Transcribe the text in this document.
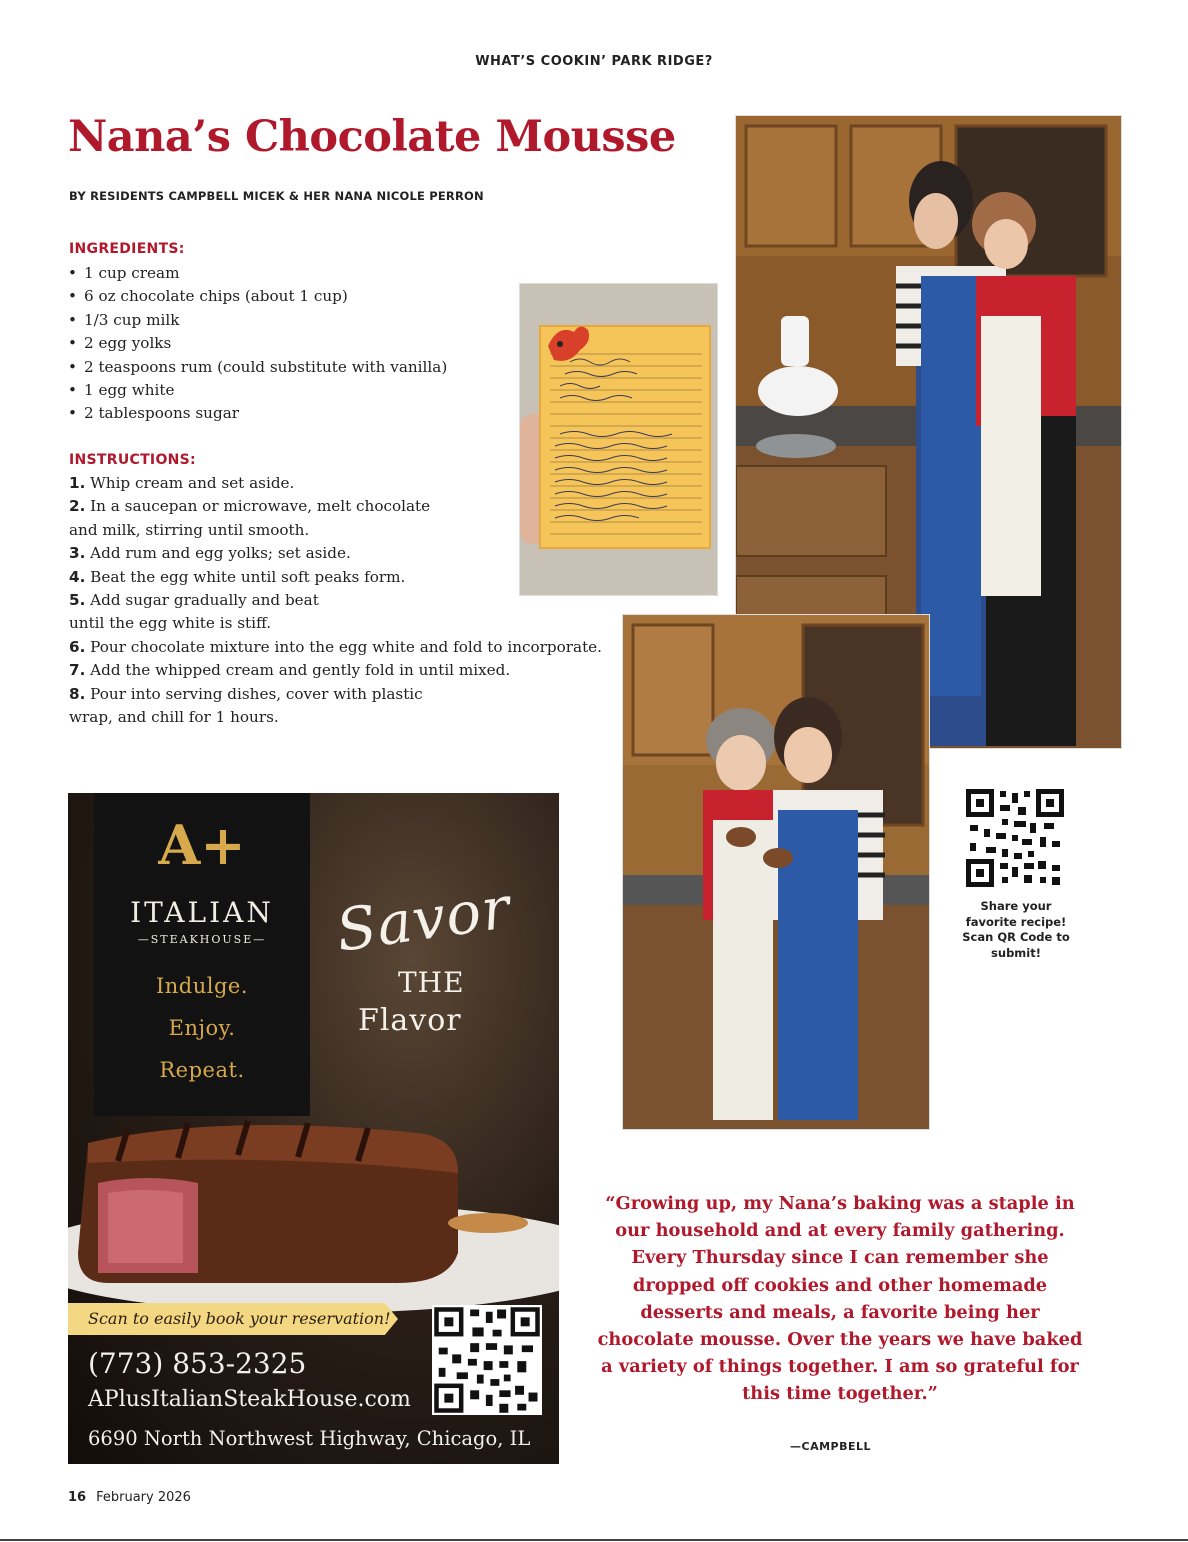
WHAT’S COOKIN’ PARK RIDGE?
Nana’s Chocolate Mousse
BY RESIDENTS CAMPBELL MICEK & HER NANA NICOLE PERRON
INGREDIENTS:
• 1 cup cream
• 6 oz chocolate chips (about 1 cup)
• 1/3 cup milk
• 2 egg yolks
• 2 teaspoons rum (could substitute with vanilla)
• 1 egg white
• 2 tablespoons sugar
INSTRUCTIONS:
1. Whip cream and set aside.
2. In a saucepan or microwave, melt chocolate
and milk, stirring until smooth.
3. Add rum and egg yolks; set aside.
4. Beat the egg white until soft peaks form.
5. Add sugar gradually and beat
until the egg white is stiff.
6. Pour chocolate mixture into the egg white and fold to incorporate.
7. Add the whipped cream and gently fold in until mixed.
8. Pour into serving dishes, cover with plastic
wrap, and chill for 1 hours.
Share your favorite recipe! Scan QR Code to submit!
A+
ITALIAN
—STEAKHOUSE—
Indulge.
Enjoy.
Repeat.
Savor
THE
Flavor
Scan to easily book your reservation!
(773) 853-2325
APlusItalianSteakHouse.com
6690 North Northwest Highway, Chicago, IL
“Growing up, my Nana’s baking was a staple in our household and at every family gathering. Every Thursday since I can remember she dropped off cookies and other homemade desserts and meals, a favorite being her chocolate mousse. Over the years we have baked a variety of things together. I am so grateful for this time together.”
—CAMPBELL
16 February 2026
